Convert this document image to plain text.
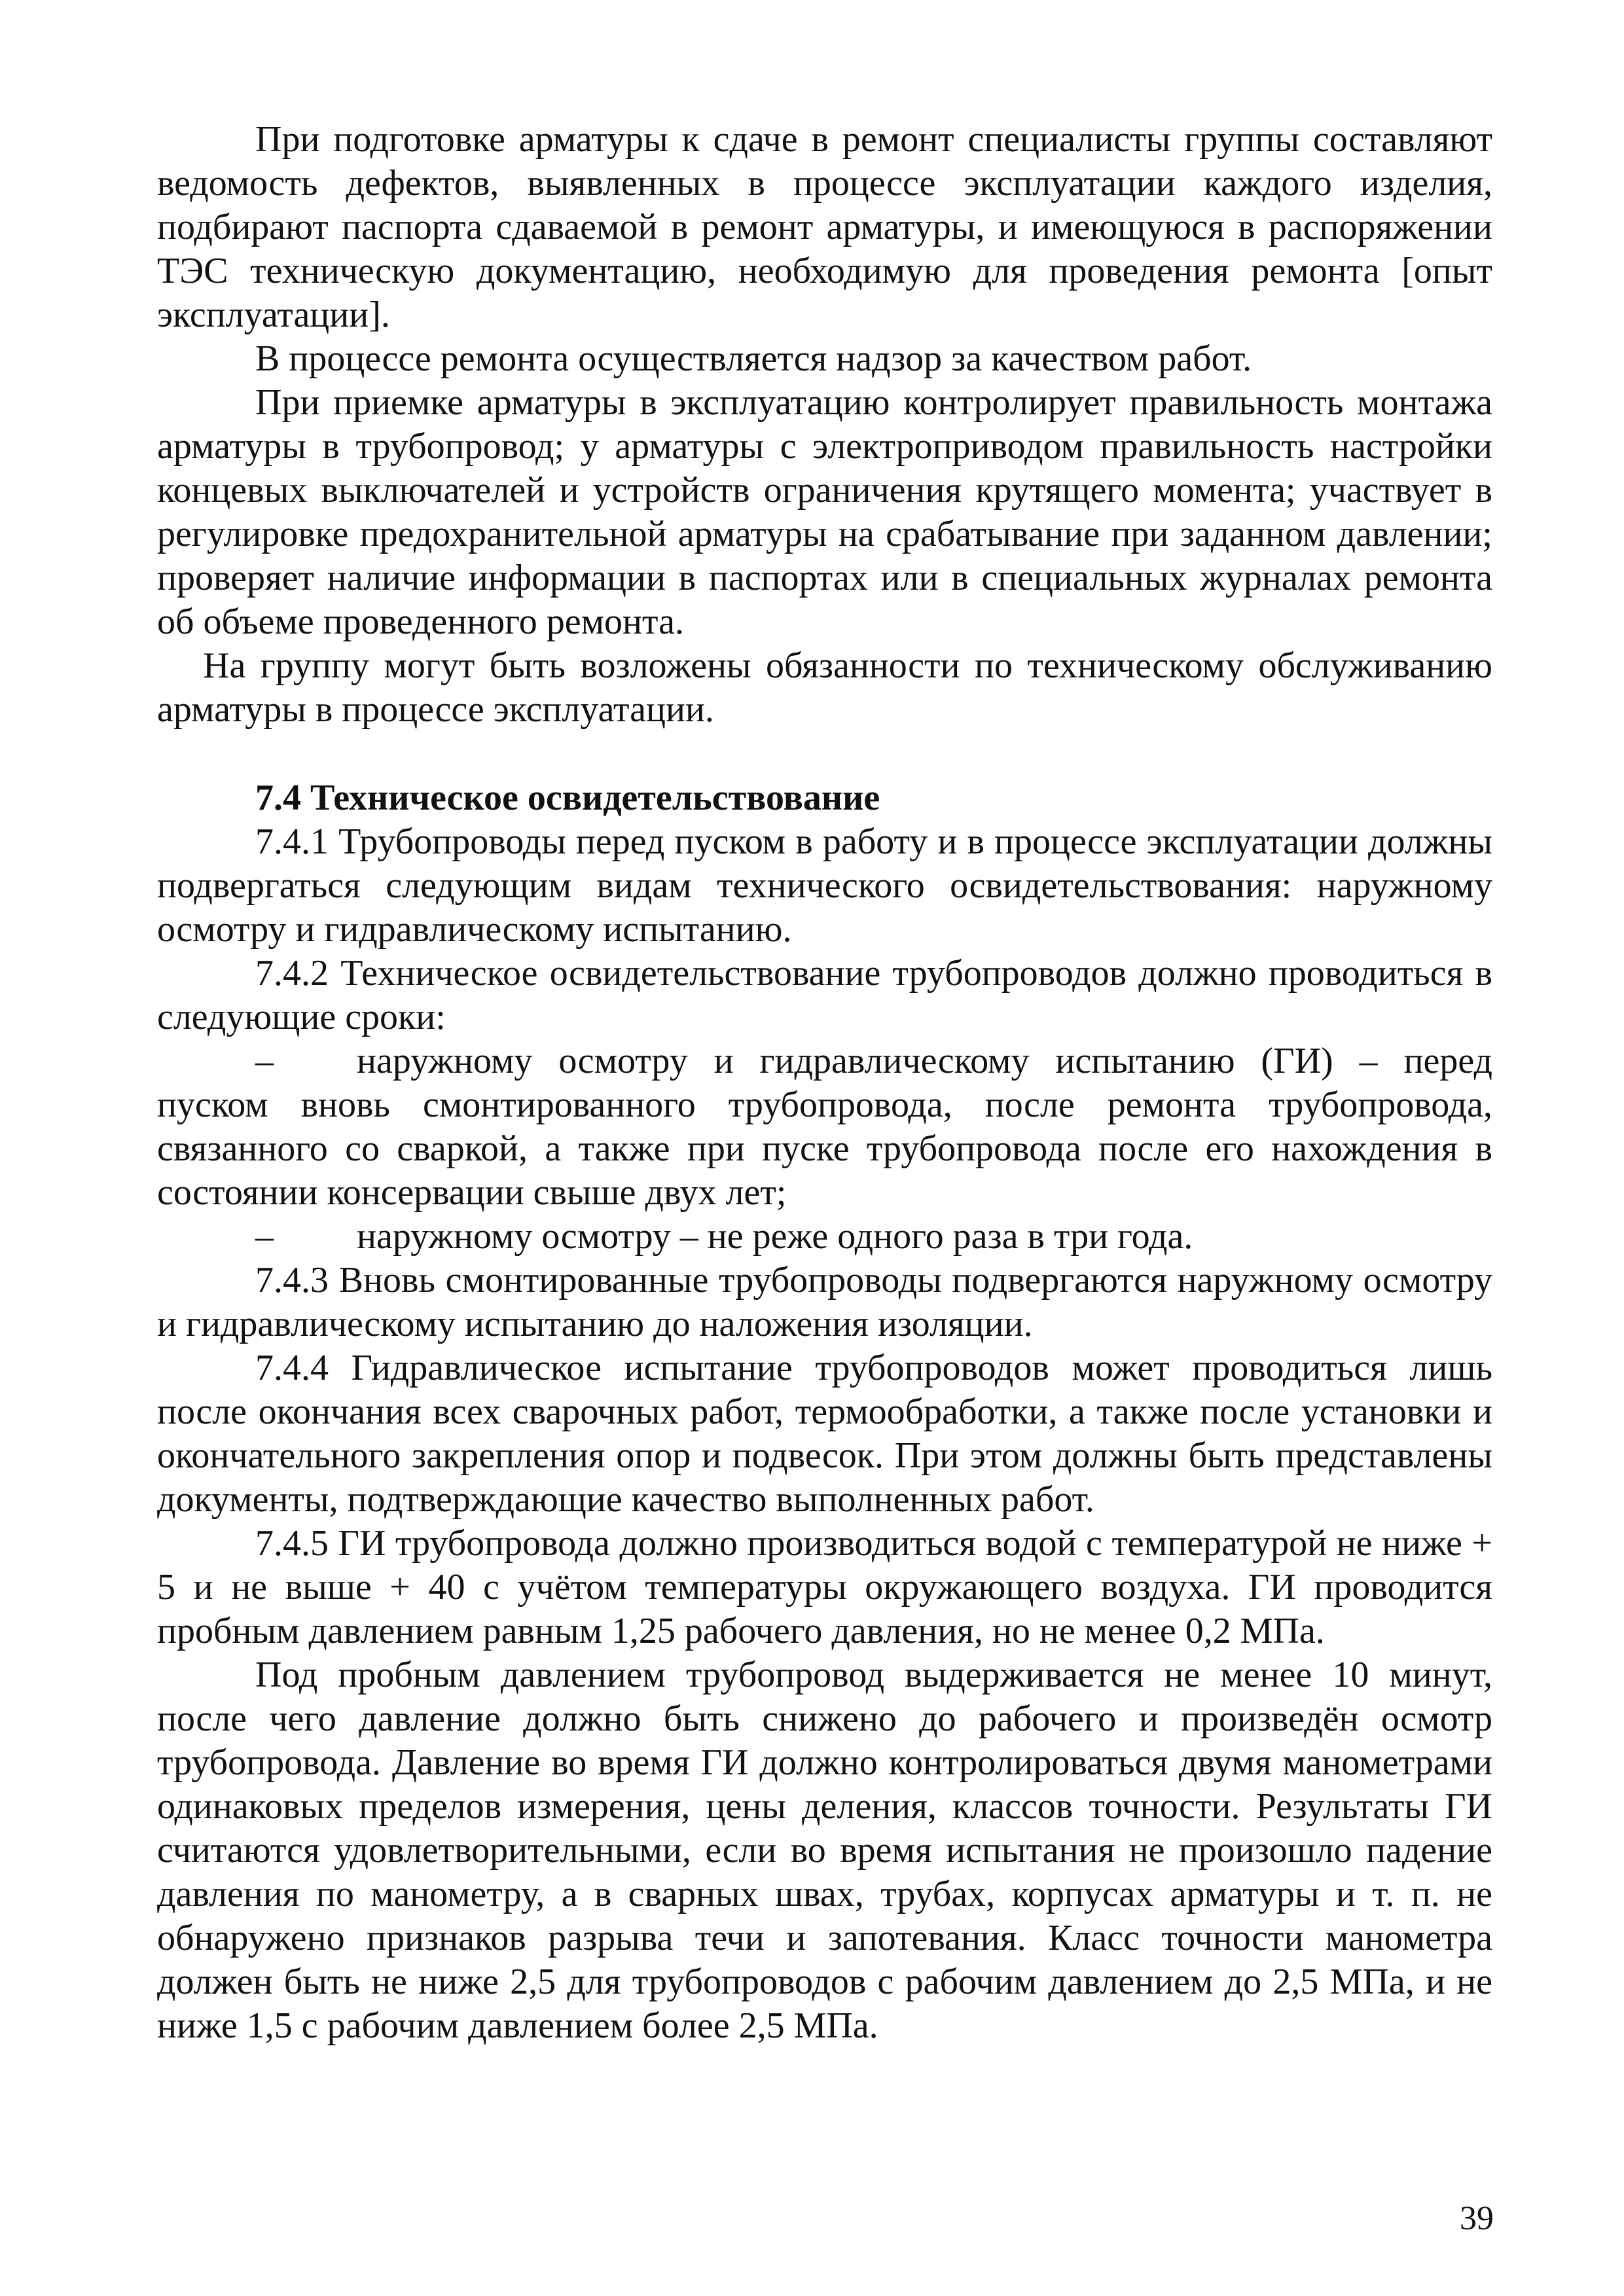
При подготовке арматуры к сдаче в ремонт специалисты группы составляют ведомость дефектов, выявленных в процессе эксплуатации каждого изделия, подбирают паспорта сдаваемой в ремонт арматуры, и имеющуюся в распоряжении ТЭС техническую документацию, необходимую для проведения ремонта [опыт эксплуатации].

В процессе ремонта осуществляется надзор за качеством работ.

При приемке арматуры в эксплуатацию контролирует правильность монтажа арматуры в трубопровод; у арматуры с электроприводом правильность настройки концевых выключателей и устройств ограничения крутящего момента; участвует в регулировке предохранительной арматуры на срабатывание при заданном давлении; проверяет наличие информации в паспортах или в специальных журналах ремонта об объеме проведенного ремонта.

На группу могут быть возложены обязанности по техническому обслуживанию арматуры в процессе эксплуатации.

7.4 Техническое освидетельствование

7.4.1 Трубопроводы перед пуском в работу и в процессе эксплуатации должны подвергаться следующим видам технического освидетельствования: наружному осмотру и гидравлическому испытанию.

7.4.2 Техническое освидетельствование трубопроводов должно проводиться в следующие сроки:

– наружному осмотру и гидравлическому испытанию (ГИ) – перед пуском вновь смонтированного трубопровода, после ремонта трубопровода, связанного со сваркой, а также при пуске трубопровода после его нахождения в состоянии консервации свыше двух лет;

– наружному осмотру – не реже одного раза в три года.

7.4.3 Вновь смонтированные трубопроводы подвергаются наружному осмотру и гидравлическому испытанию до наложения изоляции.

7.4.4 Гидравлическое испытание трубопроводов может проводиться лишь после окончания всех сварочных работ, термообработки, а также после установки и окончательного закрепления опор и подвесок. При этом должны быть представлены документы, подтверждающие качество выполненных работ.

7.4.5 ГИ трубопровода должно производиться водой с температурой не ниже + 5 и не выше + 40 с учётом температуры окружающего воздуха. ГИ проводится пробным давлением равным 1,25 рабочего давления, но не менее 0,2 МПа.

Под пробным давлением трубопровод выдерживается не менее 10 минут, после чего давление должно быть снижено до рабочего и произведён осмотр трубопровода. Давление во время ГИ должно контролироваться двумя манометрами одинаковых пределов измерения, цены деления, классов точности. Результаты ГИ считаются удовлетворительными, если во время испытания не произошло падение давления по манометру, а в сварных швах, трубах, корпусах арматуры и т. п. не обнаружено признаков разрыва течи и запотевания. Класс точности манометра должен быть не ниже 2,5 для трубопроводов с рабочим давлением до 2,5 МПа, и не ниже 1,5 с рабочим давлением более 2,5 МПа.

39
